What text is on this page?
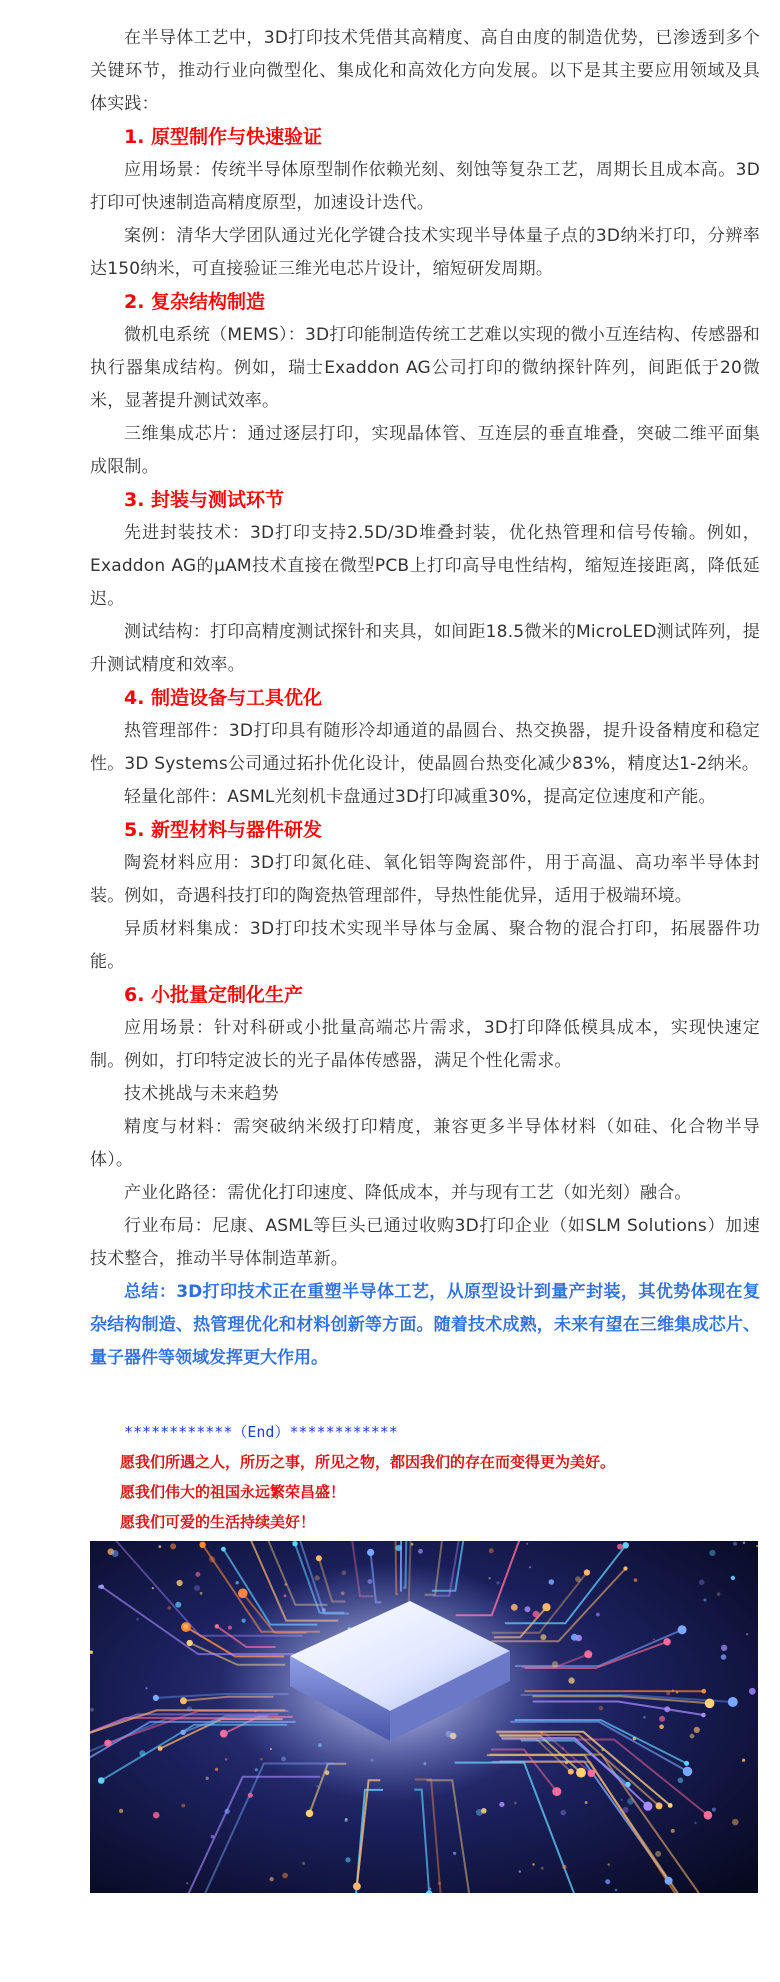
在半导体工艺中，3D打印技术凭借其高精度、高自由度的制造优势，已渗透到多个关键环节，推动行业向微型化、集成化和高效化方向发展。以下是其主要应用领域及具体实践：

1. 原型制作与快速验证

应用场景：传统半导体原型制作依赖光刻、刻蚀等复杂工艺，周期长且成本高。3D打印可快速制造高精度原型，加速设计迭代。

案例：清华大学团队通过光化学键合技术实现半导体量子点的3D纳米打印，分辨率达150纳米，可直接验证三维光电芯片设计，缩短研发周期。

2. 复杂结构制造

微机电系统（MEMS）：3D打印能制造传统工艺难以实现的微小互连结构、传感器和执行器集成结构。例如，瑞士Exaddon AG公司打印的微纳探针阵列，间距低于20微米，显著提升测试效率。

三维集成芯片：通过逐层打印，实现晶体管、互连层的垂直堆叠，突破二维平面集成限制。

3. 封装与测试环节

先进封装技术：3D打印支持2.5D/3D堆叠封装，优化热管理和信号传输。例如，Exaddon AG的μAM技术直接在微型PCB上打印高导电性结构，缩短连接距离，降低延迟。

测试结构：打印高精度测试探针和夹具，如间距18.5微米的MicroLED测试阵列，提升测试精度和效率。

4. 制造设备与工具优化

热管理部件：3D打印具有随形冷却通道的晶圆台、热交换器，提升设备精度和稳定性。3D Systems公司通过拓扑优化设计，使晶圆台热变化减少83%，精度达1-2纳米。

轻量化部件：ASML光刻机卡盘通过3D打印减重30%，提高定位速度和产能。

5. 新型材料与器件研发

陶瓷材料应用：3D打印氮化硅、氧化铝等陶瓷部件，用于高温、高功率半导体封装。例如，奇遇科技打印的陶瓷热管理部件，导热性能优异，适用于极端环境。

异质材料集成：3D打印技术实现半导体与金属、聚合物的混合打印，拓展器件功能。

6. 小批量定制化生产

应用场景：针对科研或小批量高端芯片需求，3D打印降低模具成本，实现快速定制。例如，打印特定波长的光子晶体传感器，满足个性化需求。

技术挑战与未来趋势

精度与材料：需突破纳米级打印精度，兼容更多半导体材料（如硅、化合物半导体）。

产业化路径：需优化打印速度、降低成本，并与现有工艺（如光刻）融合。

行业布局：尼康、ASML等巨头已通过收购3D打印企业（如SLM Solutions）加速技术整合，推动半导体制造革新。

总结：3D打印技术正在重塑半导体工艺，从原型设计到量产封装，其优势体现在复杂结构制造、热管理优化和材料创新等方面。随着技术成熟，未来有望在三维集成芯片、量子器件等领域发挥更大作用。

************（End）************

愿我们所遇之人，所历之事，所见之物，都因我们的存在而变得更为美好。

愿我们伟大的祖国永远繁荣昌盛！

愿我们可爱的生活持续美好！
